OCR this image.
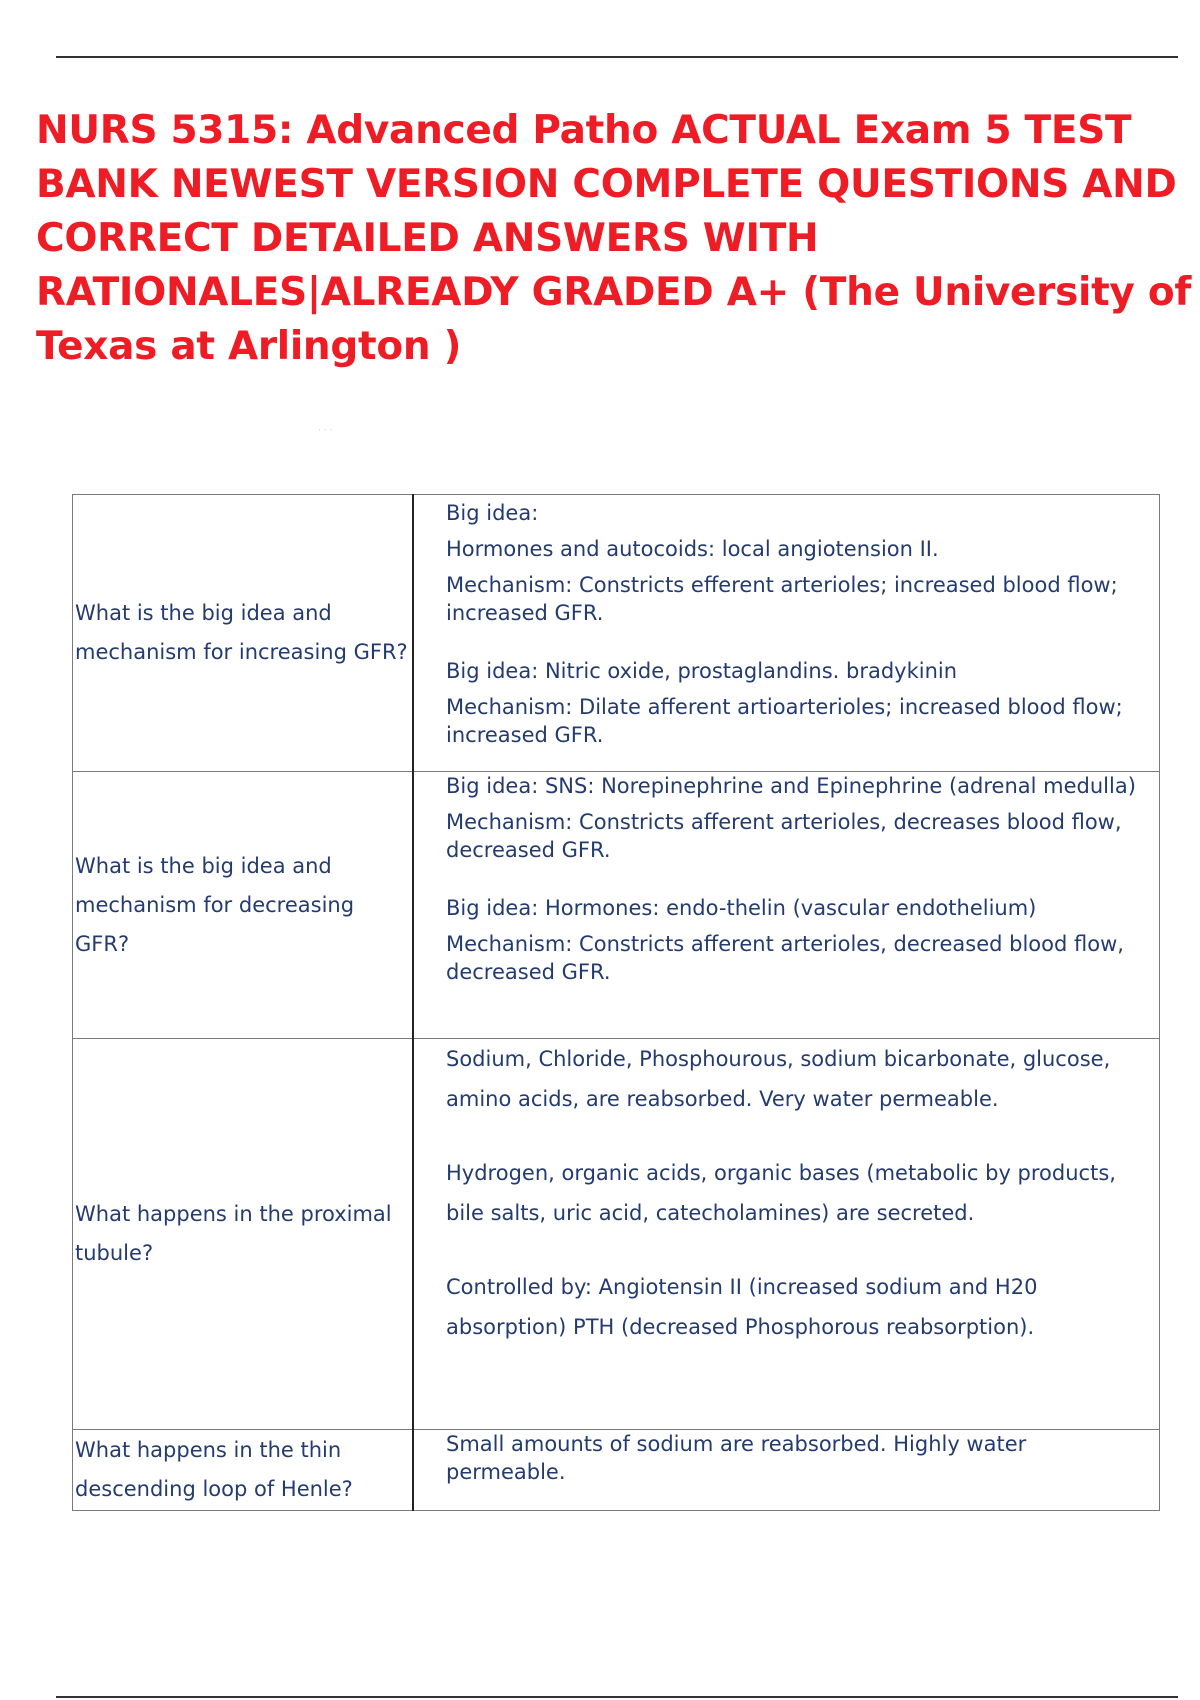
NURS 5315: Advanced Patho ACTUAL Exam 5 TEST BANK NEWEST VERSION COMPLETE QUESTIONS AND CORRECT DETAILED ANSWERS WITH RATIONALES|ALREADY GRADED A+ (The University of Texas at Arlington )
· · ·
What is the big idea and mechanism for increasing GFR?	Big idea:

Hormones and autocoids: local angiotension II.

Mechanism: Constricts efferent arterioles; increased blood flow; increased GFR.

Big idea: Nitric oxide, prostaglandins. bradykinin

Mechanism: Dilate afferent artioarterioles; increased blood flow; increased GFR.

What is the big idea and mechanism for decreasing GFR?	Big idea: SNS: Norepinephrine and Epinephrine (adrenal medulla)

Mechanism: Constricts afferent arterioles, decreases blood flow, decreased GFR.

Big idea: Hormones: endo-thelin (vascular endothelium)

Mechanism: Constricts afferent arterioles, decreased blood flow, decreased GFR.

What happens in the proximal tubule?	Sodium, Chloride, Phosphourous, sodium bicarbonate, glucose, amino acids, are reabsorbed. Very water permeable.

Hydrogen, organic acids, organic bases (metabolic by products, bile salts, uric acid, catecholamines) are secreted.

Controlled by: Angiotensin II (increased sodium and H20 absorption) PTH (decreased Phosphorous reabsorption).

What happens in the thin descending loop of Henle?	Small amounts of sodium are reabsorbed. Highly water permeable.
